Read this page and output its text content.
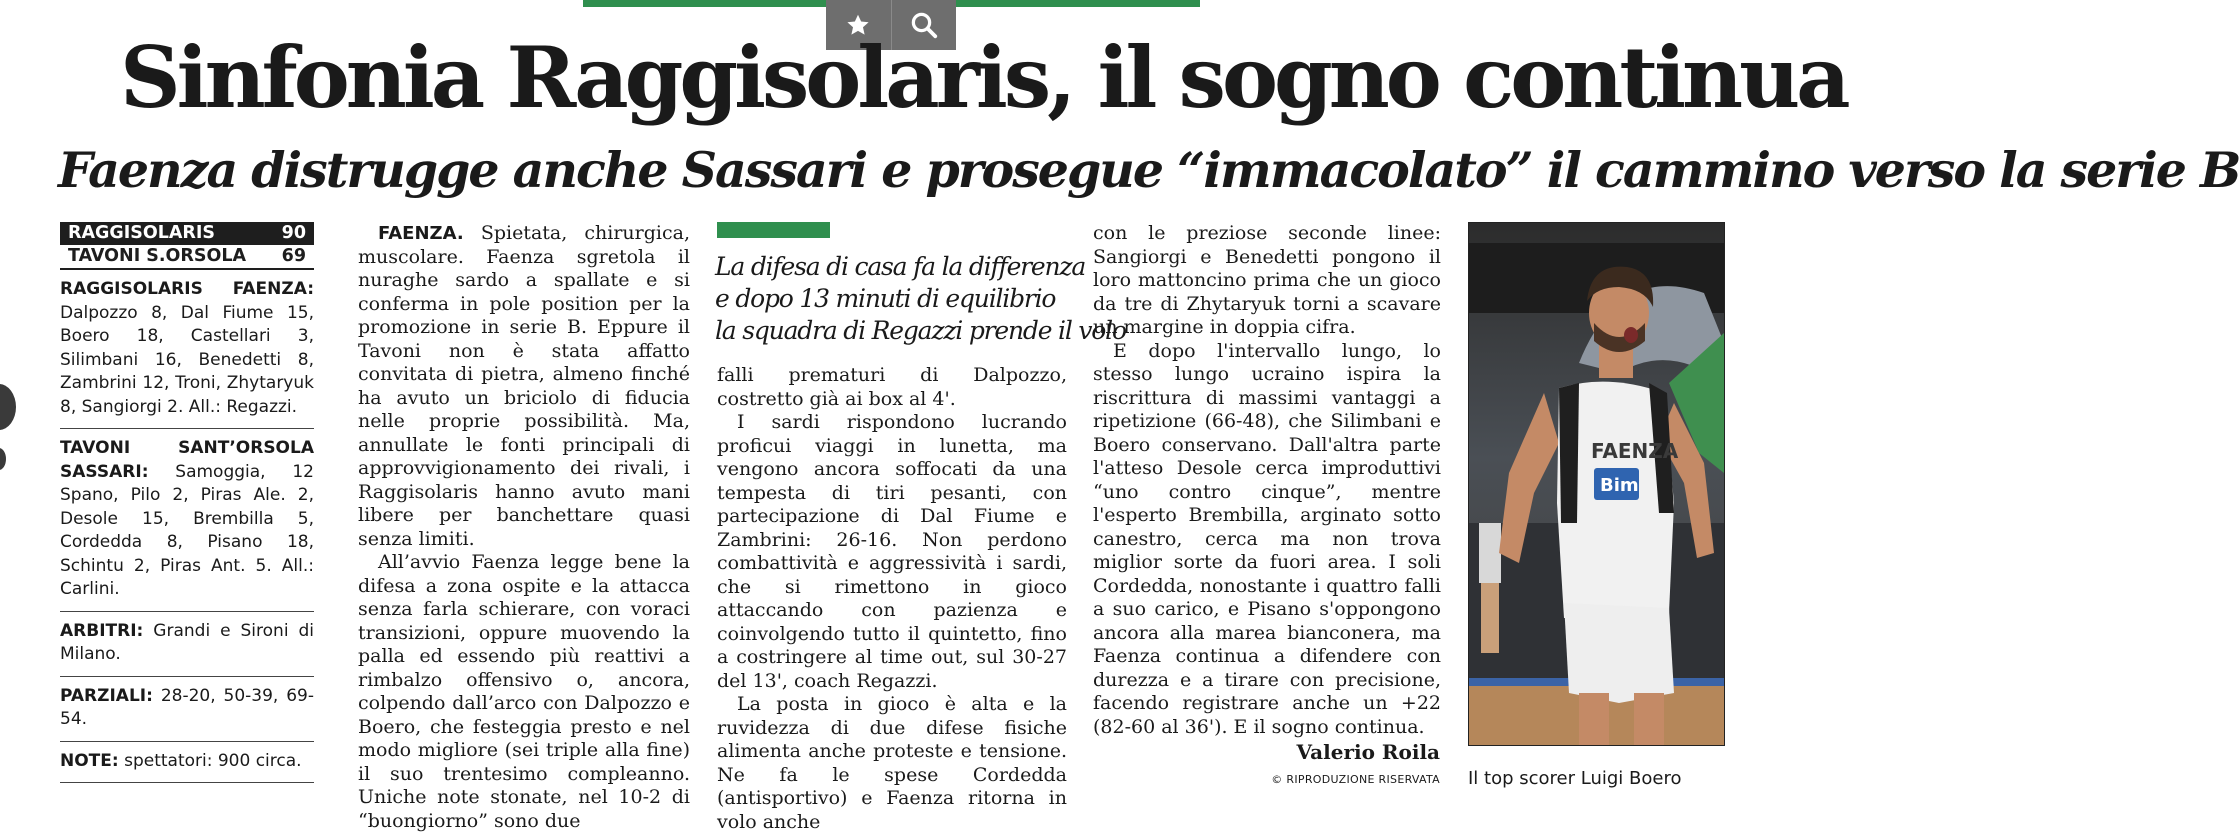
Sinfonia Raggisolaris, il sogno continua
Faenza distrugge anche Sassari e prosegue “immacolato” il cammino verso la serie B
RAGGISOLARIS	90
TAVONI S.ORSOLA 69
RAGGISOLARIS FAENZA: Dalpozzo 8, Dal Fiume 15, Boero 18, Castellari 3, Silimbani 16, Benedetti 8, Zambrini 12, Troni, Zhytaryuk 8, Sangiorgi 2. All.: Regazzi.
TAVONI SANT’ORSOLA SASSARI: Samoggia, 12 Spano, Pilo 2, Piras Ale. 2, Desole 15, Brembilla 5, Cordedda 8, Pisano 18, Schintu 2, Piras Ant. 5. All.: Carlini.
ARBITRI: Grandi e Sironi di Milano.
PARZIALI: 28-20, 50-39, 69-54.
NOTE: spettatori: 900 circa.

FAENZA. Spietata, chirurgica, muscolare. Faenza sgretola il nuraghe sardo a spallate e si conferma in pole position per la promozione in serie B. Eppure il Tavoni non è stata affatto convitata di pietra, almeno finché ha avuto un briciolo di fiducia nelle proprie possibilità. Ma, annullate le fonti principali di approvvigionamento dei rivali, i Raggisolaris hanno avuto mani libere per banchettare quasi senza limiti.

All’avvio Faenza legge bene la difesa a zona ospite e la attacca senza farla schierare, con voraci transizioni, oppure muovendo la palla ed essendo più reattivi a rimbalzo offensivo o, ancora, colpendo dall’arco con Dalpozzo e Boero, che festeggia presto e nel modo migliore (sei triple alla fine) il suo trentesimo compleanno. Uniche note stonate, nel 10-2 di “buongiorno” sono due

La difesa di casa fa la differenza
e dopo 13 minuti di equilibrio
la squadra di Regazzi prende il volo

falli prematuri di Dalpozzo, costretto già ai box al 4'.

I sardi rispondono lucrando proficui viaggi in lunetta, ma vengono ancora soffocati da una tempesta di tiri pesanti, con partecipazione di Dal Fiume e Zambrini: 26-16. Non perdono combattività e aggressività i sardi, che si rimettono in gioco attaccando con pazienza e coinvolgendo tutto il quintetto, fino a costringere al time out, sul 30-27 del 13', coach Regazzi.

La posta in gioco è alta e la ruvidezza di due difese fisiche alimenta anche proteste e tensione. Ne fa le spese Cordedda (antisportivo) e Faenza ritorna in volo anche

con le preziose seconde linee: Sangiorgi e Benedetti pongono il loro mattoncino prima che un gioco da tre di Zhytaryuk torni a scavare un margine in doppia cifra.

E dopo l'intervallo lungo, lo stesso lungo ucraino ispira la riscrittura di massimi vantaggi a ripetizione (66-48), che Silimbani e Boero conservano. Dall'altra parte l'atteso Desole cerca improduttivi “uno contro cinque”, mentre l'esperto Brembilla, arginato sotto canestro, cerca ma non trova miglior sorte da fuori area. I soli Cordedda, nonostante i quattro falli a suo carico, e Pisano s'oppongono ancora alla marea bianconera, ma Faenza continua a difendere con durezza e a tirare con precisione, facendo registrare anche un +22 (82-60 al 36'). E il sogno continua.

Valerio Roila
© RIPRODUZIONE RISERVATA
FAENZA
Bim
Il top scorer Luigi Boero
